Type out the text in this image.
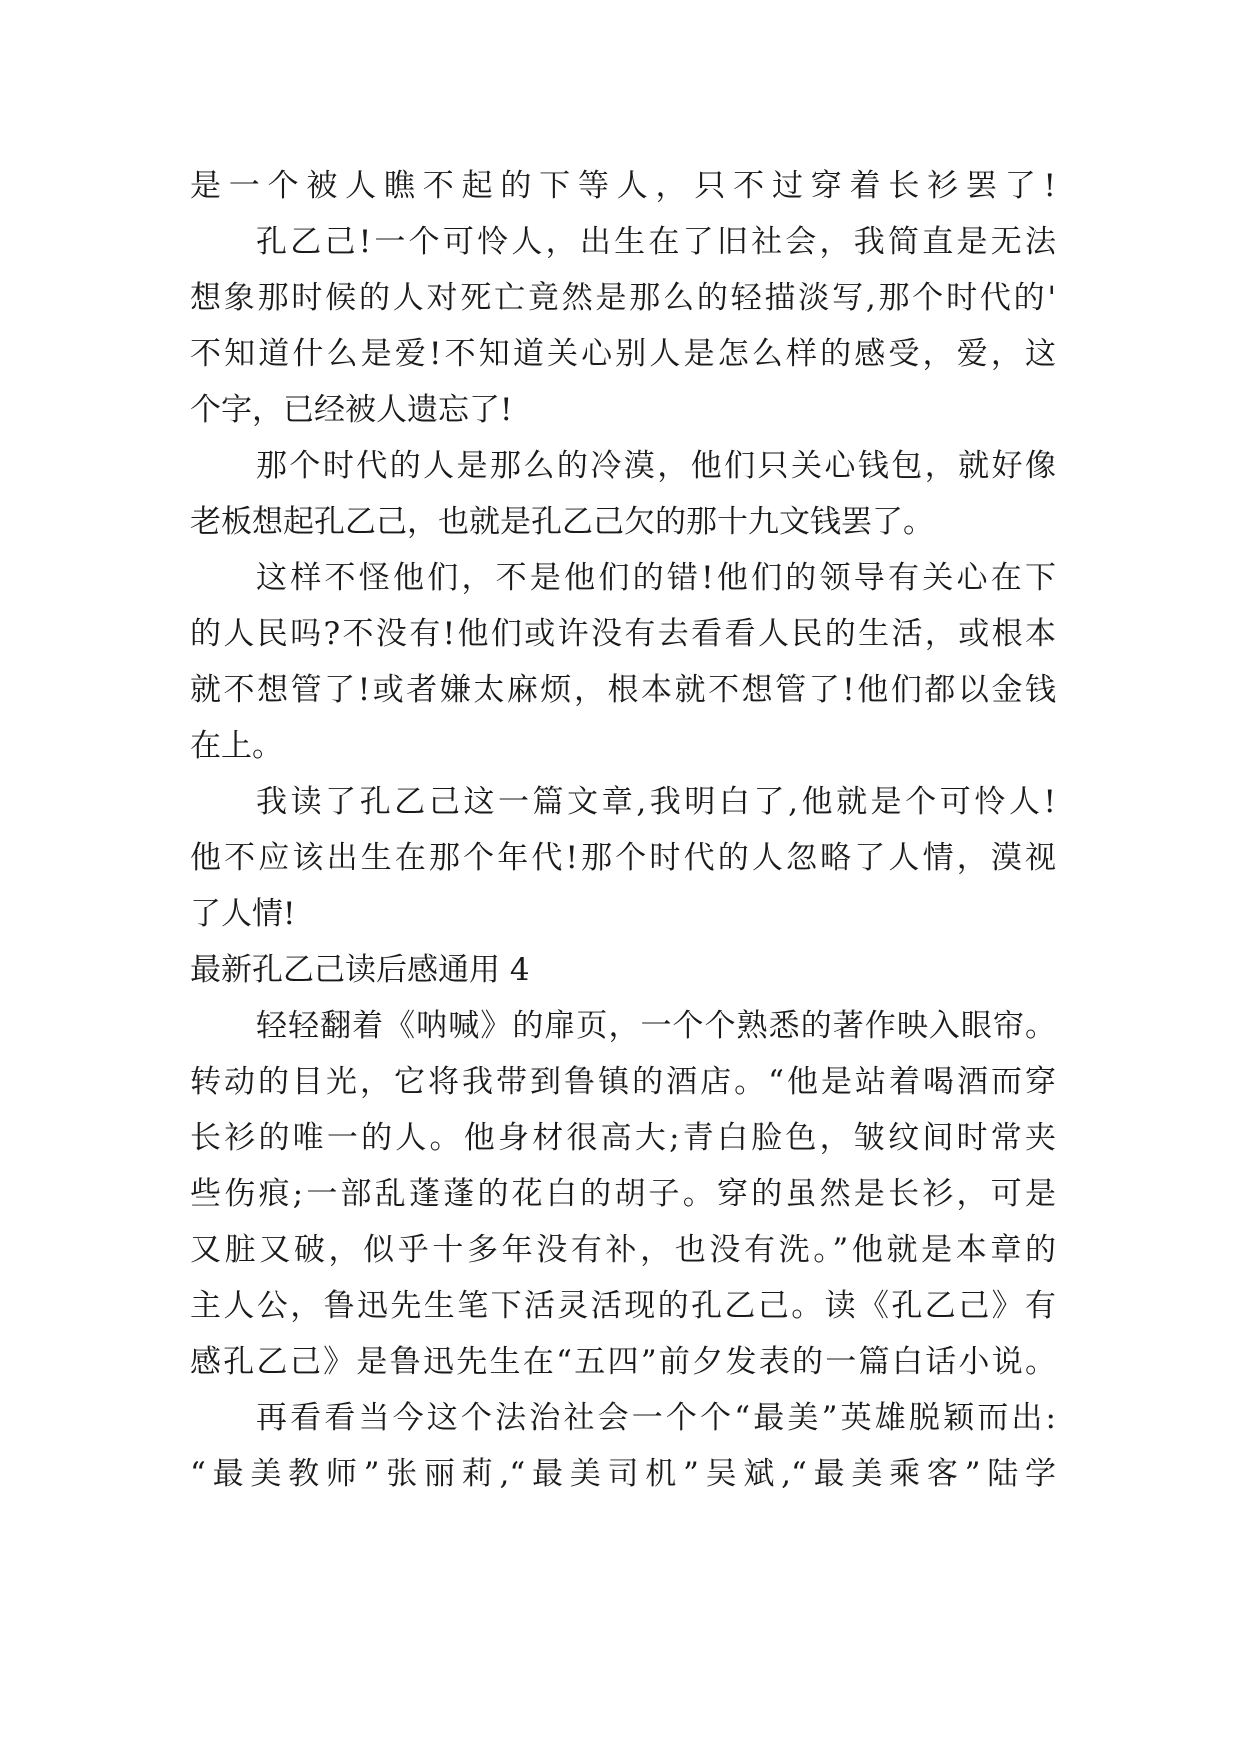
是一个被人瞧不起的下等人，只不过穿着长衫罢了!
孔乙己!一个可怜人，出生在了旧社会，我简直是无法
想象那时候的人对死亡竟然是那么的轻描淡写,那个时代的'
不知道什么是爱!不知道关心别人是怎么样的感受，爱，这
个字，已经被人遗忘了!
那个时代的人是那么的冷漠，他们只关心钱包，就好像
老板想起孔乙己，也就是孔乙己欠的那十九文钱罢了。
这样不怪他们，不是他们的错!他们的领导有关心在下
的人民吗?不没有!他们或许没有去看看人民的生活，或根本
就不想管了!或者嫌太麻烦，根本就不想管了!他们都以金钱
在上。
我读了孔乙己这一篇文章,我明白了,他就是个可怜人!
他不应该出生在那个年代!那个时代的人忽略了人情，漠视
了人情!
最新孔乙己读后感通用 4
轻轻翻着《呐喊》的扉页，一个个熟悉的著作映入眼帘。
转动的目光，它将我带到鲁镇的酒店。“他是站着喝酒而穿
长衫的唯一的人。他身材很高大;青白脸色，皱纹间时常夹
些伤痕;一部乱蓬蓬的花白的胡子。穿的虽然是长衫，可是
又脏又破，似乎十多年没有补，也没有洗。”他就是本章的
主人公，鲁迅先生笔下活灵活现的孔乙己。读《孔乙己》有
感孔乙己》是鲁迅先生在“五四”前夕发表的一篇白话小说。
再看看当今这个法治社会一个个“最美”英雄脱颖而出:
“最美教师”张丽莉,“最美司机”吴斌,“最美乘客”陆学
